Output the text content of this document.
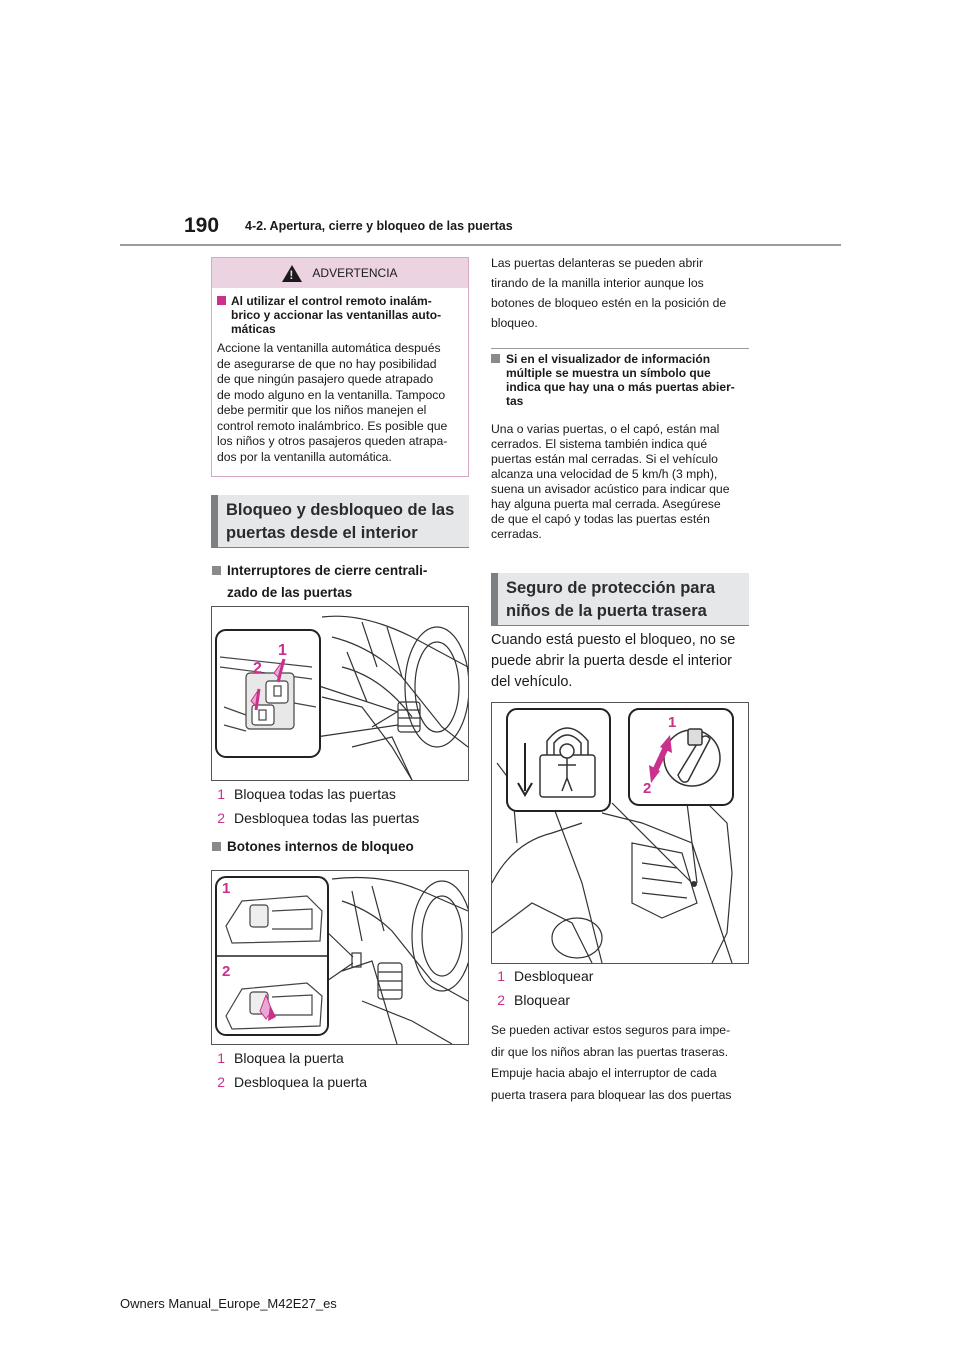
190 4-2. Apertura, cierre y bloqueo de las puertas
!
ADVERTENCIA
Al utilizar el control remoto inalám-
brico y accionar las ventanillas auto-
máticas
Accione la ventanilla automática después
de asegurarse de que no hay posibilidad
de que ningún pasajero quede atrapado
de modo alguno en la ventanilla. Tampoco
debe permitir que los niños manejen el
control remoto inalámbrico. Es posible que
los niños y otros pasajeros queden atrapa-
dos por la ventanilla automática.
Bloqueo y desbloqueo de las
puertas desde el interior
Interruptores de cierre centrali-
zado de las puertas
1
2
1 Bloquea todas las puertas
2 Desbloquea todas las puertas
Botones internos de bloqueo
1
2
1 Bloquea la puerta
2 Desbloquea la puerta
Las puertas delanteras se pueden abrir
tirando de la manilla interior aunque los
botones de bloqueo estén en la posición de
bloqueo.
Si en el visualizador de información
múltiple se muestra un símbolo que
indica que hay una o más puertas abier-
tas
Una o varias puertas, o el capó, están mal
cerrados. El sistema también indica qué
puertas están mal cerradas. Si el vehículo
alcanza una velocidad de 5 km/h (3 mph),
suena un avisador acústico para indicar que
hay alguna puerta mal cerrada. Asegúrese
de que el capó y todas las puertas estén
cerradas.
Seguro de protección para
niños de la puerta trasera
Cuando está puesto el bloqueo, no se
puede abrir la puerta desde el interior
del vehículo.
1
2
1 Desbloquear
2 Bloquear
Se pueden activar estos seguros para impe-
dir que los niños abran las puertas traseras.
Empuje hacia abajo el interruptor de cada
puerta trasera para bloquear las dos puertas
Owners Manual_Europe_M42E27_es
